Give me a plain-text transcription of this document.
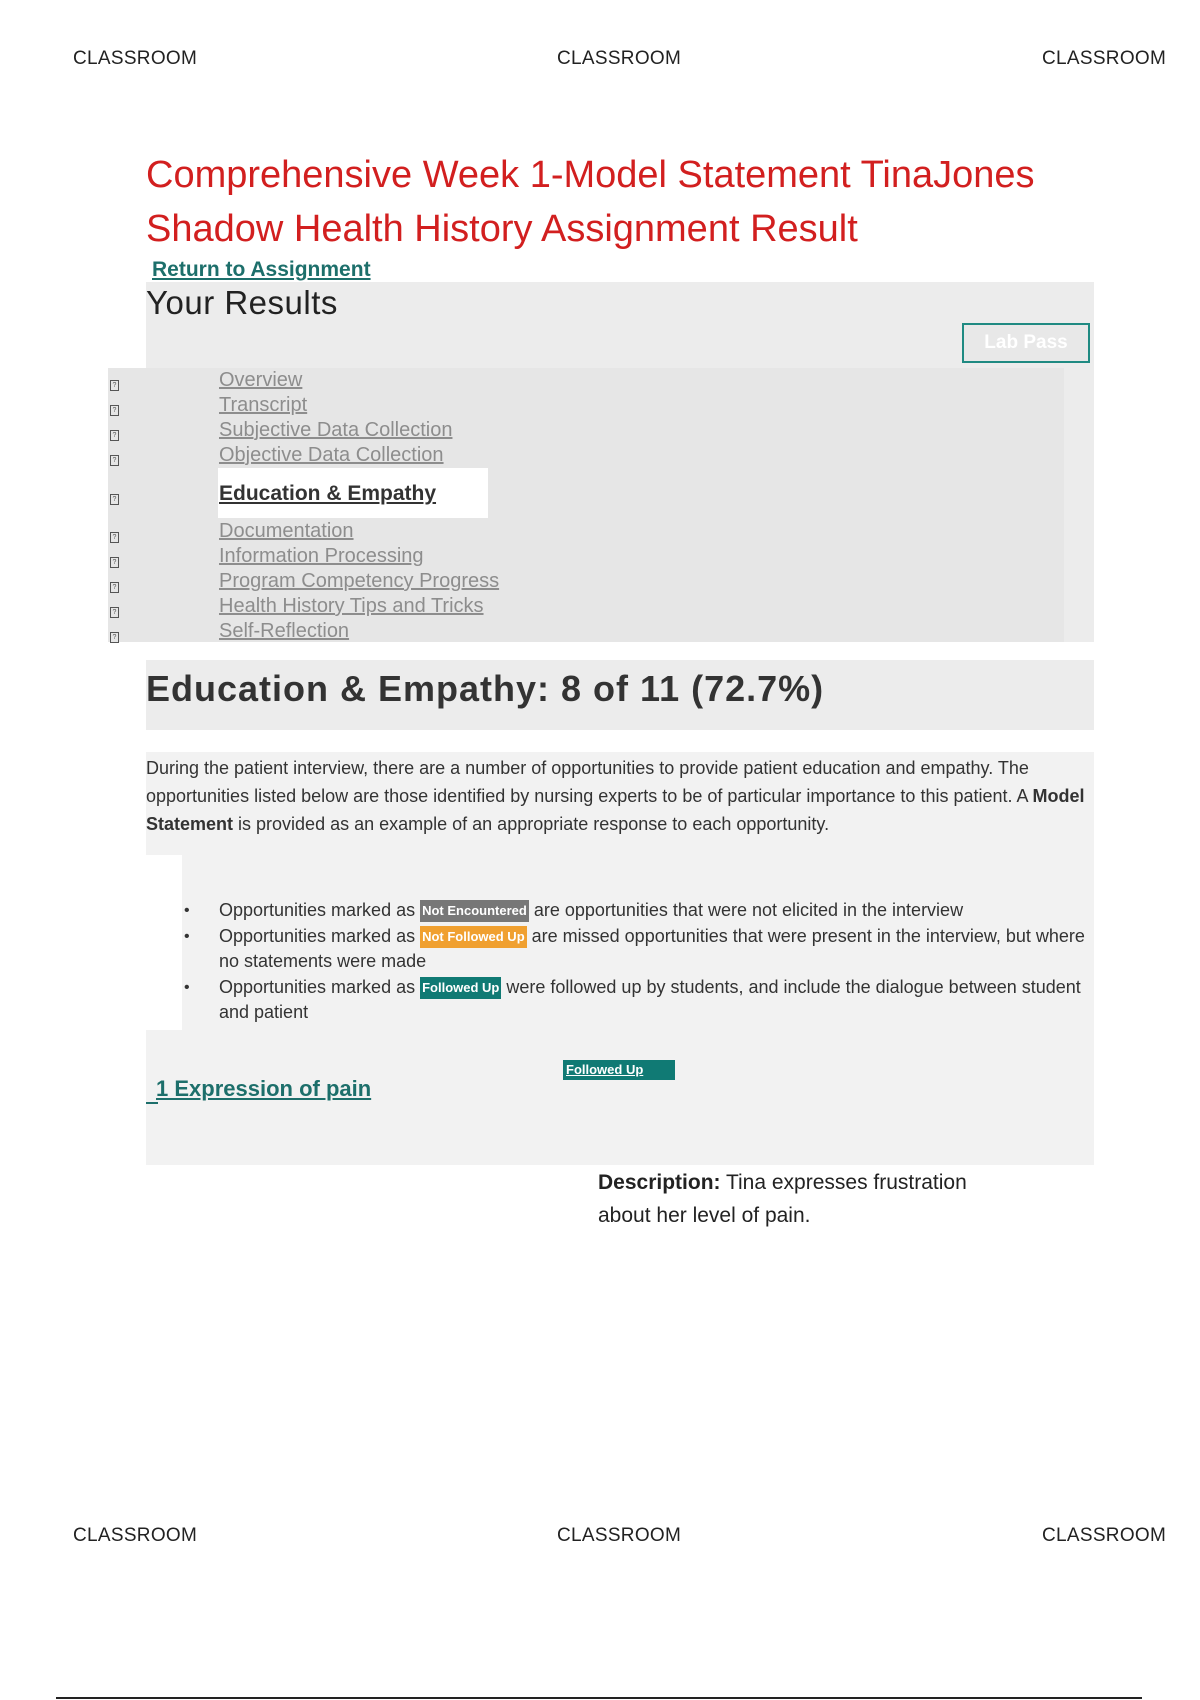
CLASSROOM	CLASSROOM	CLASSROOM
Comprehensive Week 1-Model Statement TinaJones
Shadow Health History Assignment Result
Return to Assignment
Your Results
Lab Pass
?
?
?
?
?
?
?
?
?
?
Overview
Transcript
Subjective Data Collection
Objective Data Collection
Education & Empathy
Documentation
Information Processing
Program Competency Progress
Health History Tips and Tricks
Self-Reflection
Education & Empathy: 8 of 11 (72.7%)

During the patient interview, there are a number of opportunities to provide patient education and empathy. The opportunities listed below are those identified by nursing experts to be of particular importance to this patient. A Model Statement is provided as an example of an appropriate response to each opportunity.

• Opportunities marked as Not Encountered are opportunities that were not elicited in the interview
• Opportunities marked as Not Followed Up are missed opportunities that were present in the interview, but where no statements were made
• Opportunities marked as Followed Up were followed up by students, and include the dialogue between student and patient
Followed Up
1 Expression of pain

Description: Tina expresses frustration about her level of pain.

CLASSROOM	CLASSROOM	CLASSROOM
